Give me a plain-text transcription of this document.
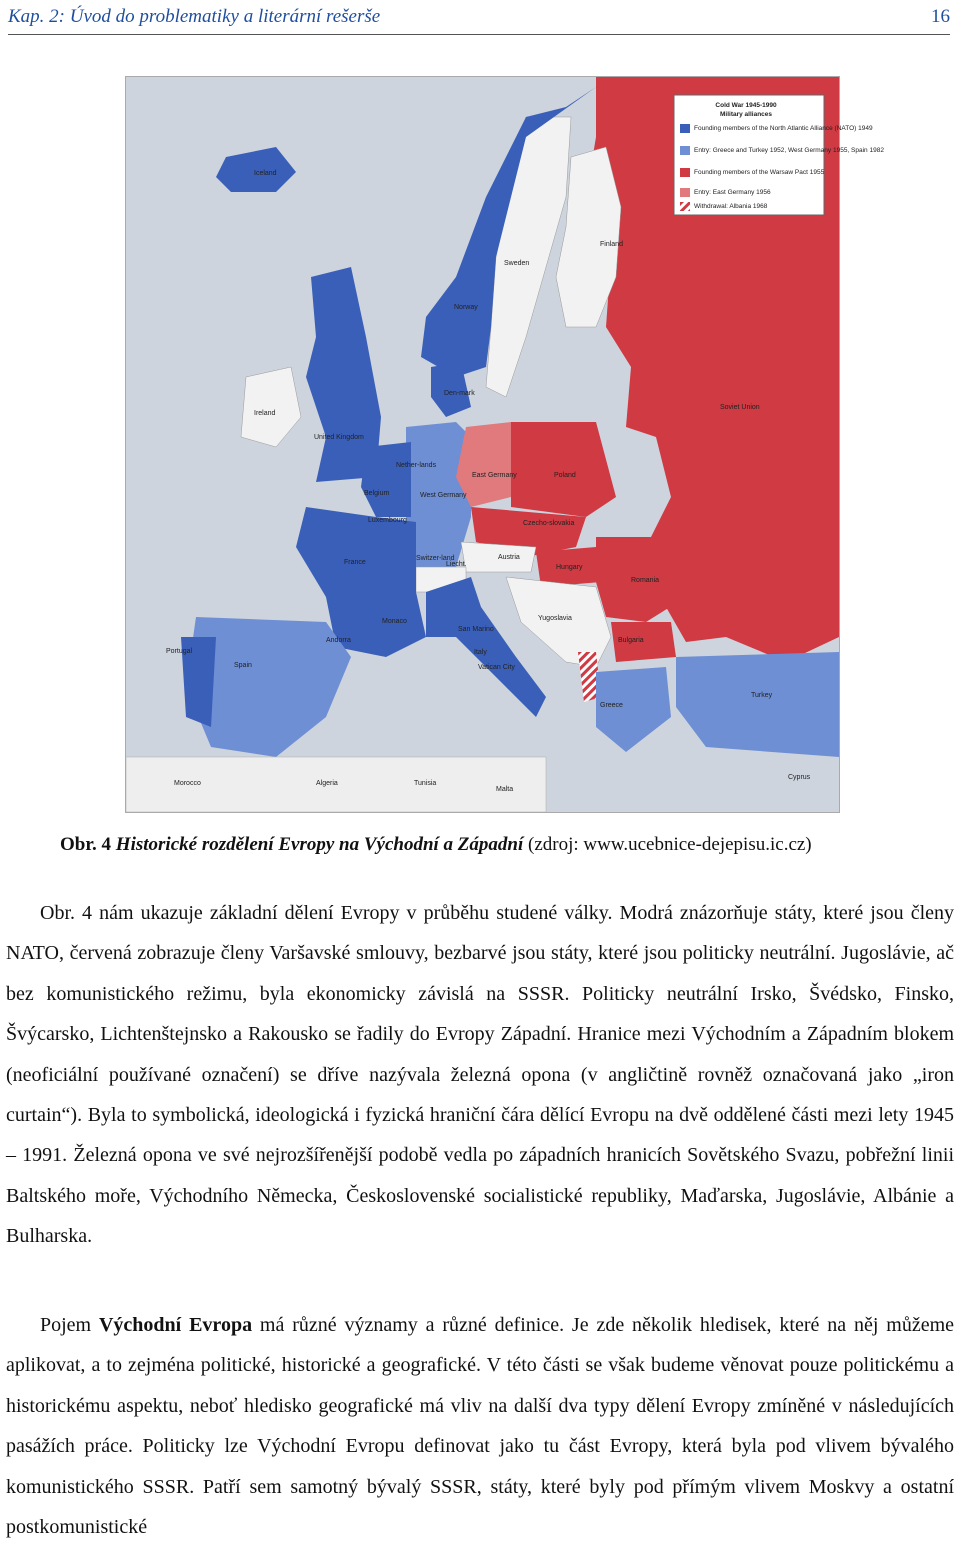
Kap. 2: Úvod do problematiky a literární rešerše	16
Cold War 1945-1990
Military alliances
Founding members of the North Atlantic Alliance (NATO) 1949
Entry: Greece and Turkey 1952, West Germany 1955, Spain 1982
Founding members of the Warsaw Pact 1955
Entry: East Germany 1956
Withdrawal: Albania 1968
Iceland
Sweden
Finland
Norway
Den-mark
Ireland
United Kingdom
Soviet Union
Nether-lands
Belgium
Luxembourg
West Germany
East Germany	Poland
Czecho-slovakia
France
Switzer-land
Liecht.
Austria
Hungary
Romania
Yugoslavia
Bulgaria
Monaco
San Marino
Italy
Vatican City
Andorra
Portugal
Spain
Turkey
Greece
Cyprus
Morocco	Algeria	Tunisia
Malta
Obr. 4 Historické rozdělení Evropy na Východní a Západní (zdroj: www.ucebnice-dejepisu.ic.cz)

Obr. 4 nám ukazuje základní dělení Evropy v průběhu studené války. Modrá znázorňuje státy, které jsou členy NATO, červená zobrazuje členy Varšavské smlouvy, bezbarvé jsou státy, které jsou politicky neutrální. Jugoslávie, ač bez komunistického režimu, byla ekonomicky závislá na SSSR. Politicky neutrální Irsko, Švédsko, Finsko, Švýcarsko, Lichtenštejnsko a Rakousko se řadily do Evropy Západní. Hranice mezi Východním a Západním blokem (neoficiální používané označení) se dříve nazývala železná opona (v angličtině rovněž označovaná jako „iron curtain“). Byla to symbolická, ideologická i fyzická hraniční čára dělící Evropu na dvě oddělené části mezi lety 1945 – 1991. Železná opona ve své nejrozšířenější podobě vedla po západních hranicích Sovětského Svazu, pobřežní linii Baltského moře, Východního Německa, Československé socialistické republiky, Maďarska, Jugoslávie, Albánie a Bulharska.

Pojem Východní Evropa má různé významy a různé definice. Je zde několik hledisek, které na něj můžeme aplikovat, a to zejména politické, historické a geografické. V této části se však budeme věnovat pouze politickému a historickému aspektu, neboť hledisko geografické má vliv na další dva typy dělení Evropy zmíněné v následujících pasážích práce. Politicky lze Východní Evropu definovat jako tu část Evropy, která byla pod vlivem bývalého komunistického SSSR. Patří sem samotný bývalý SSSR, státy, které byly pod přímým vlivem Moskvy a ostatní postkomunistické
